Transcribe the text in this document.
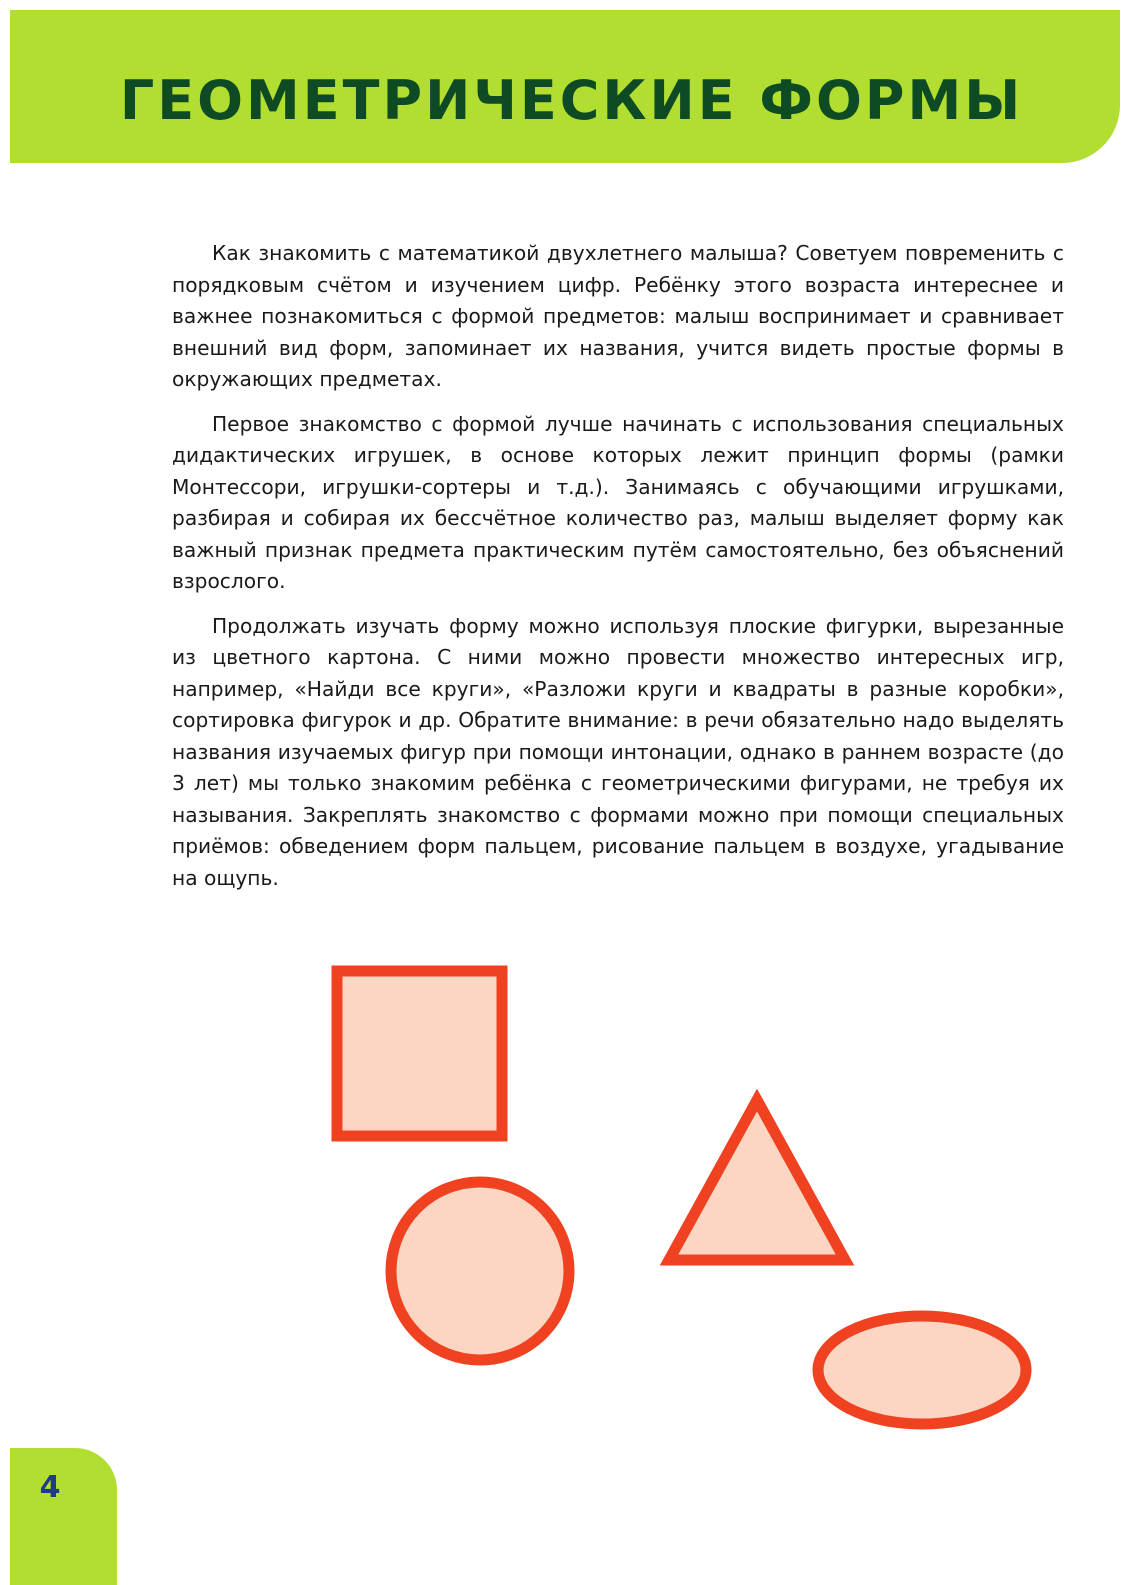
ГЕОМЕТРИЧЕСКИЕ ФОРМЫ

Как знакомить с математикой двухлетнего малыша? Советуем повременить с порядковым счётом и изучением цифр. Ребёнку этого возраста интереснее и важнее познакомиться с формой предметов: малыш воспринимает и сравнивает внешний вид форм, запоминает их названия, учится видеть простые формы в окружающих предметах.

Первое знакомство с формой лучше начинать с использования специальных дидактических игрушек, в основе которых лежит принцип формы (рамки Монтессори, игрушки-сортеры и т.д.). Занимаясь с обучающими игрушками, разбирая и собирая их бессчётное количество раз, малыш выделяет форму как важный признак предмета практическим путём самостоятельно, без объяснений взрослого.

Продолжать изучать форму можно используя плоские фигурки, вырезанные из цветного картона. С ними можно провести множество интересных игр, например, «Найди все круги», «Разложи круги и квадраты в разные коробки», сортировка фигурок и др. Обратите внимание: в речи обязательно надо выделять названия изучаемых фигур при помощи интонации, однако в раннем возрасте (до 3 лет) мы только знакомим ребёнка с геометрическими фигурами, не требуя их называния. Закреплять знакомство с формами можно при помощи специальных приёмов: обведением форм пальцем, рисование пальцем в воздухе, угадывание на ощупь.

4
